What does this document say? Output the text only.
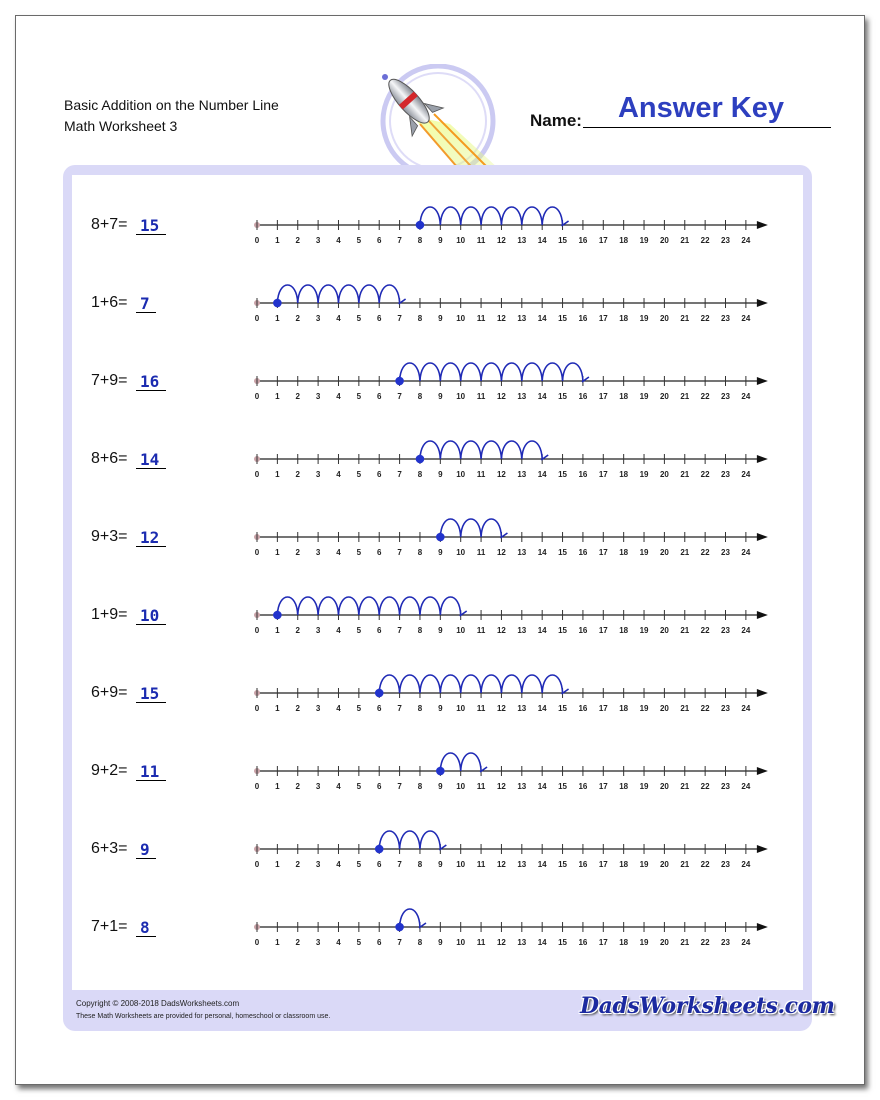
Basic Addition on the Number Line
Math Worksheet 3	Name:	Answer Key
8+7= 15
0 1 2 3 4 5 6 7 8 9 10 11 12 13 14 15 16 17 18 19 20 21 22 23 24
1+6= 7
0 1 2 3 4 5 6 7 8 9 10 11 12 13 14 15 16 17 18 19 20 21 22 23 24
7+9= 16
0 1 2 3 4 5 6 7 8 9 10 11 12 13 14 15 16 17 18 19 20 21 22 23 24
8+6= 14
0 1 2 3 4 5 6 7 8 9 10 11 12 13 14 15 16 17 18 19 20 21 22 23 24
9+3= 12
0 1 2 3 4 5 6 7 8 9 10 11 12 13 14 15 16 17 18 19 20 21 22 23 24
1+9= 10
0 1 2 3 4 5 6 7 8 9 10 11 12 13 14 15 16 17 18 19 20 21 22 23 24
6+9= 15
0 1 2 3 4 5 6 7 8 9 10 11 12 13 14 15 16 17 18 19 20 21 22 23 24
9+2= 11
0 1 2 3 4 5 6 7 8 9 10 11 12 13 14 15 16 17 18 19 20 21 22 23 24
6+3= 9
0 1 2 3 4 5 6 7 8 9 10 11 12 13 14 15 16 17 18 19 20 21 22 23 24
7+1= 8
0 1 2 3 4 5 6 7 8 9 10 11 12 13 14 15 16 17 18 19 20 21 22 23 24
Copyright © 2008-2018 DadsWorksheets.com
These Math Worksheets are provided for personal, homeschool or classroom use.	DadsWorksheets.com
